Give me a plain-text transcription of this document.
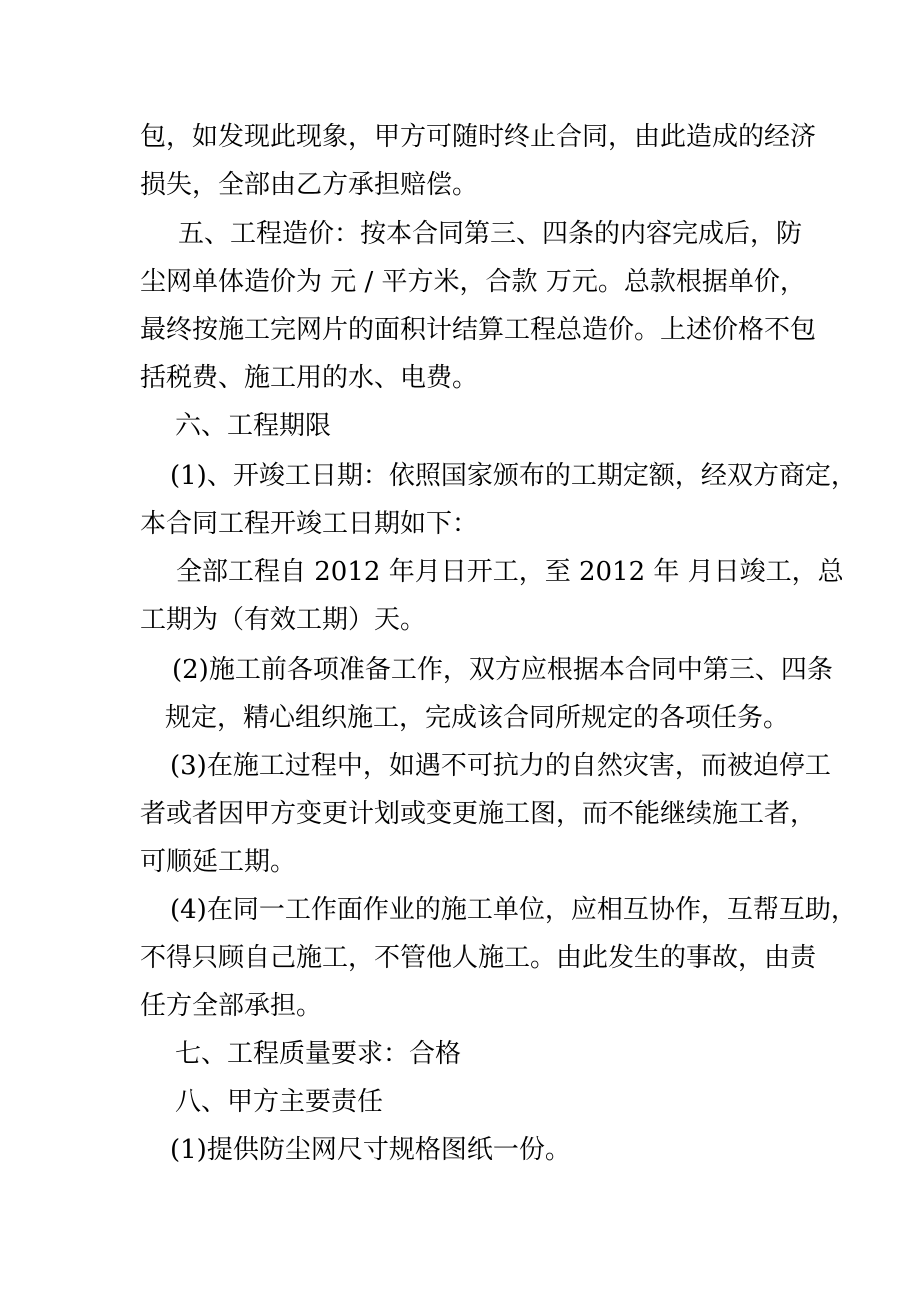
包，如发现此现象，甲方可随时终止合同，由此造成的经济
损失，全部由乙方承担赔偿。
五、工程造价：按本合同第三、四条的内容完成后，防
尘网单体造价为 元 / 平方米，合款 万元。总款根据单价，
最终按施工完网片的面积计结算工程总造价。上述价格不包
括税费、施工用的水、电费。
六、工程期限
(1)、开竣工日期：依照国家颁布的工期定额，经双方商定，
本合同工程开竣工日期如下：
全部工程自 2012 年月日开工，至 2012 年 月日竣工，总
工期为（有效工期）天。
(2)施工前各项准备工作，双方应根据本合同中第三、四条
规定，精心组织施工，完成该合同所规定的各项任务。
(3)在施工过程中，如遇不可抗力的自然灾害，而被迫停工
者或者因甲方变更计划或变更施工图，而不能继续施工者，
可顺延工期。
(4)在同一工作面作业的施工单位，应相互协作，互帮互助，
不得只顾自己施工，不管他人施工。由此发生的事故，由责
任方全部承担。
七、工程质量要求：合格
八、甲方主要责任
(1)提供防尘网尺寸规格图纸一份。
